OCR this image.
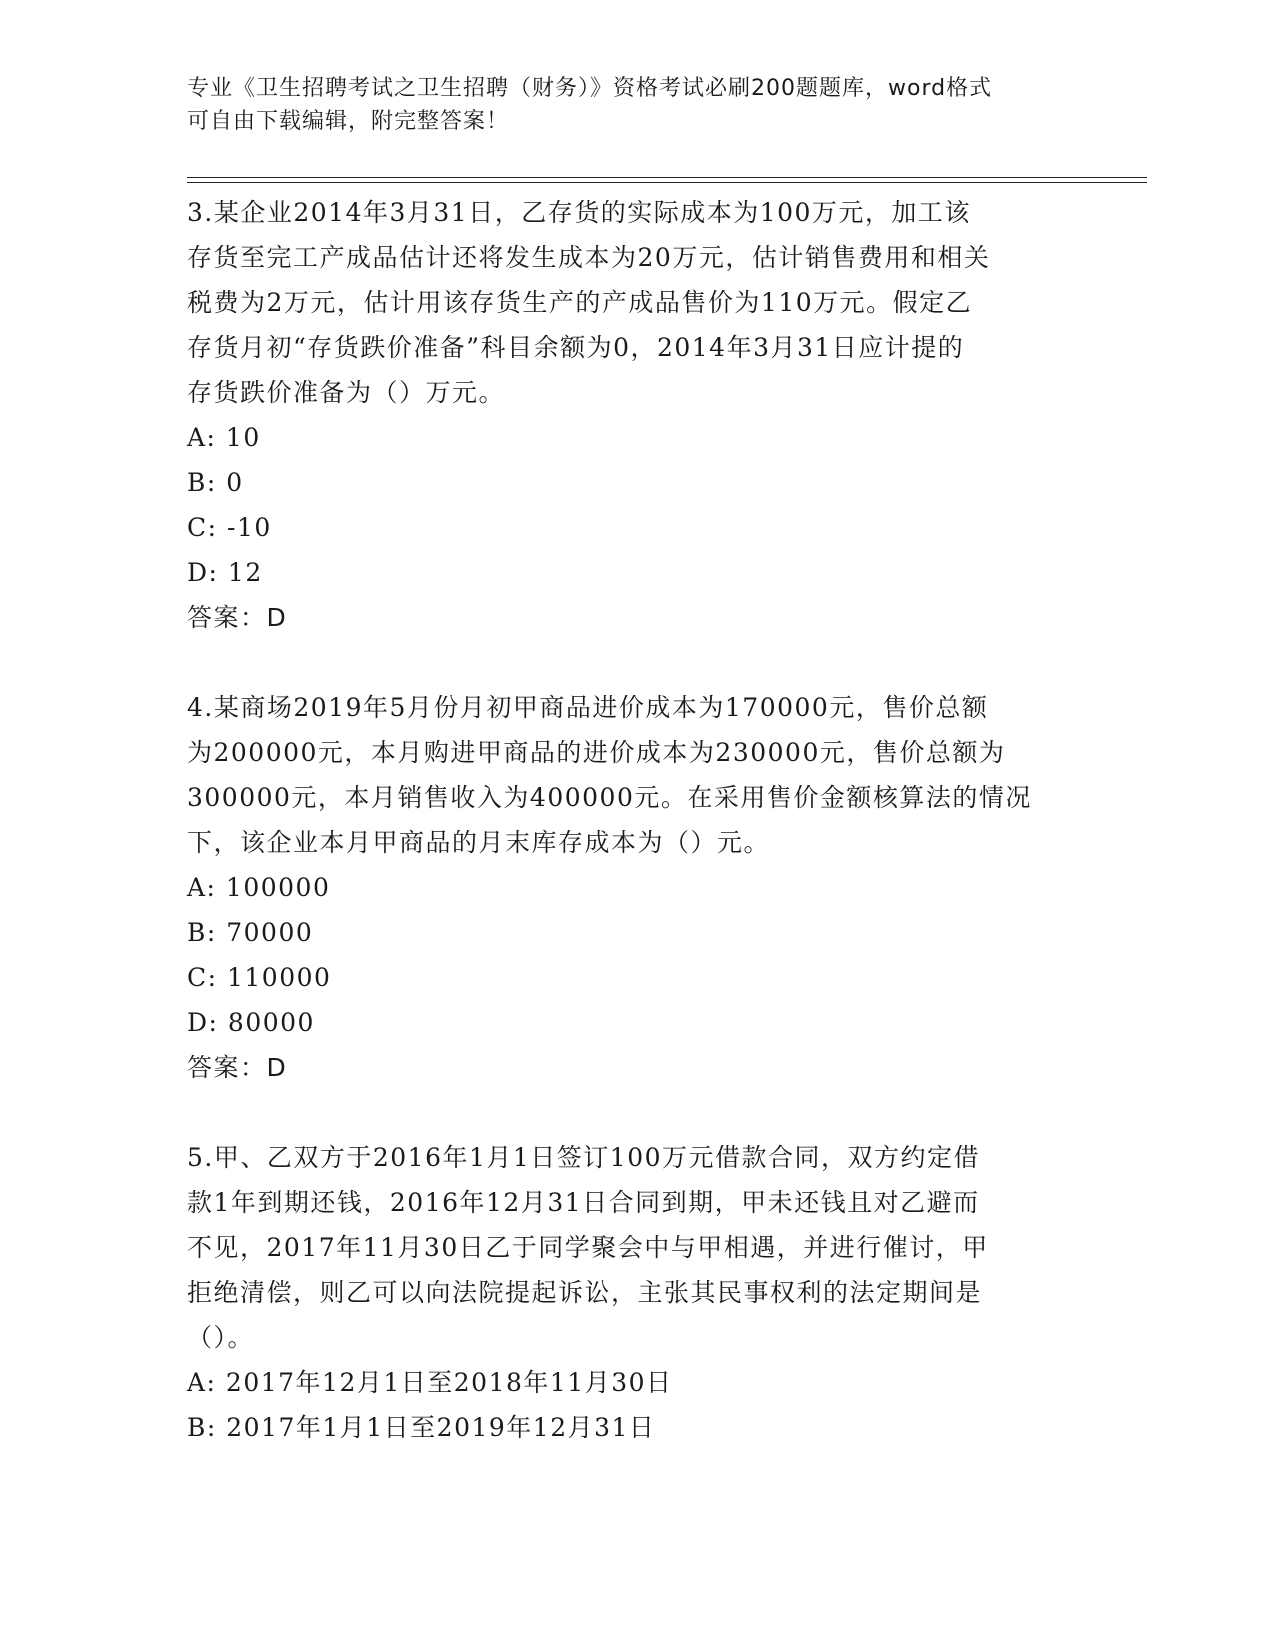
专业《卫生招聘考试之卫生招聘（财务）》资格考试必刷200题题库，word格式
可自由下载编辑，附完整答案！
3.某企业2014年3月31日，乙存货的实际成本为100万元，加工该
存货至完工产成品估计还将发生成本为20万元，估计销售费用和相关
税费为2万元，估计用该存货生产的产成品售价为110万元。假定乙
存货月初“存货跌价准备”科目余额为0，2014年3月31日应计提的
存货跌价准备为（）万元。
A: 10
B: 0
C: -10
D: 12
答案：D
4.某商场2019年5月份月初甲商品进价成本为170000元，售价总额
为200000元，本月购进甲商品的进价成本为230000元，售价总额为
300000元，本月销售收入为400000元。在采用售价金额核算法的情况
下，该企业本月甲商品的月末库存成本为（）元。
A: 100000
B: 70000
C: 110000
D: 80000
答案：D
5.甲、乙双方于2016年1月1日签订100万元借款合同，双方约定借
款1年到期还钱，2016年12月31日合同到期，甲未还钱且对乙避而
不见，2017年11月30日乙于同学聚会中与甲相遇，并进行催讨，甲
拒绝清偿，则乙可以向法院提起诉讼，主张其民事权利的法定期间是
（）。
A: 2017年12月1日至2018年11月30日
B: 2017年1月1日至2019年12月31日
